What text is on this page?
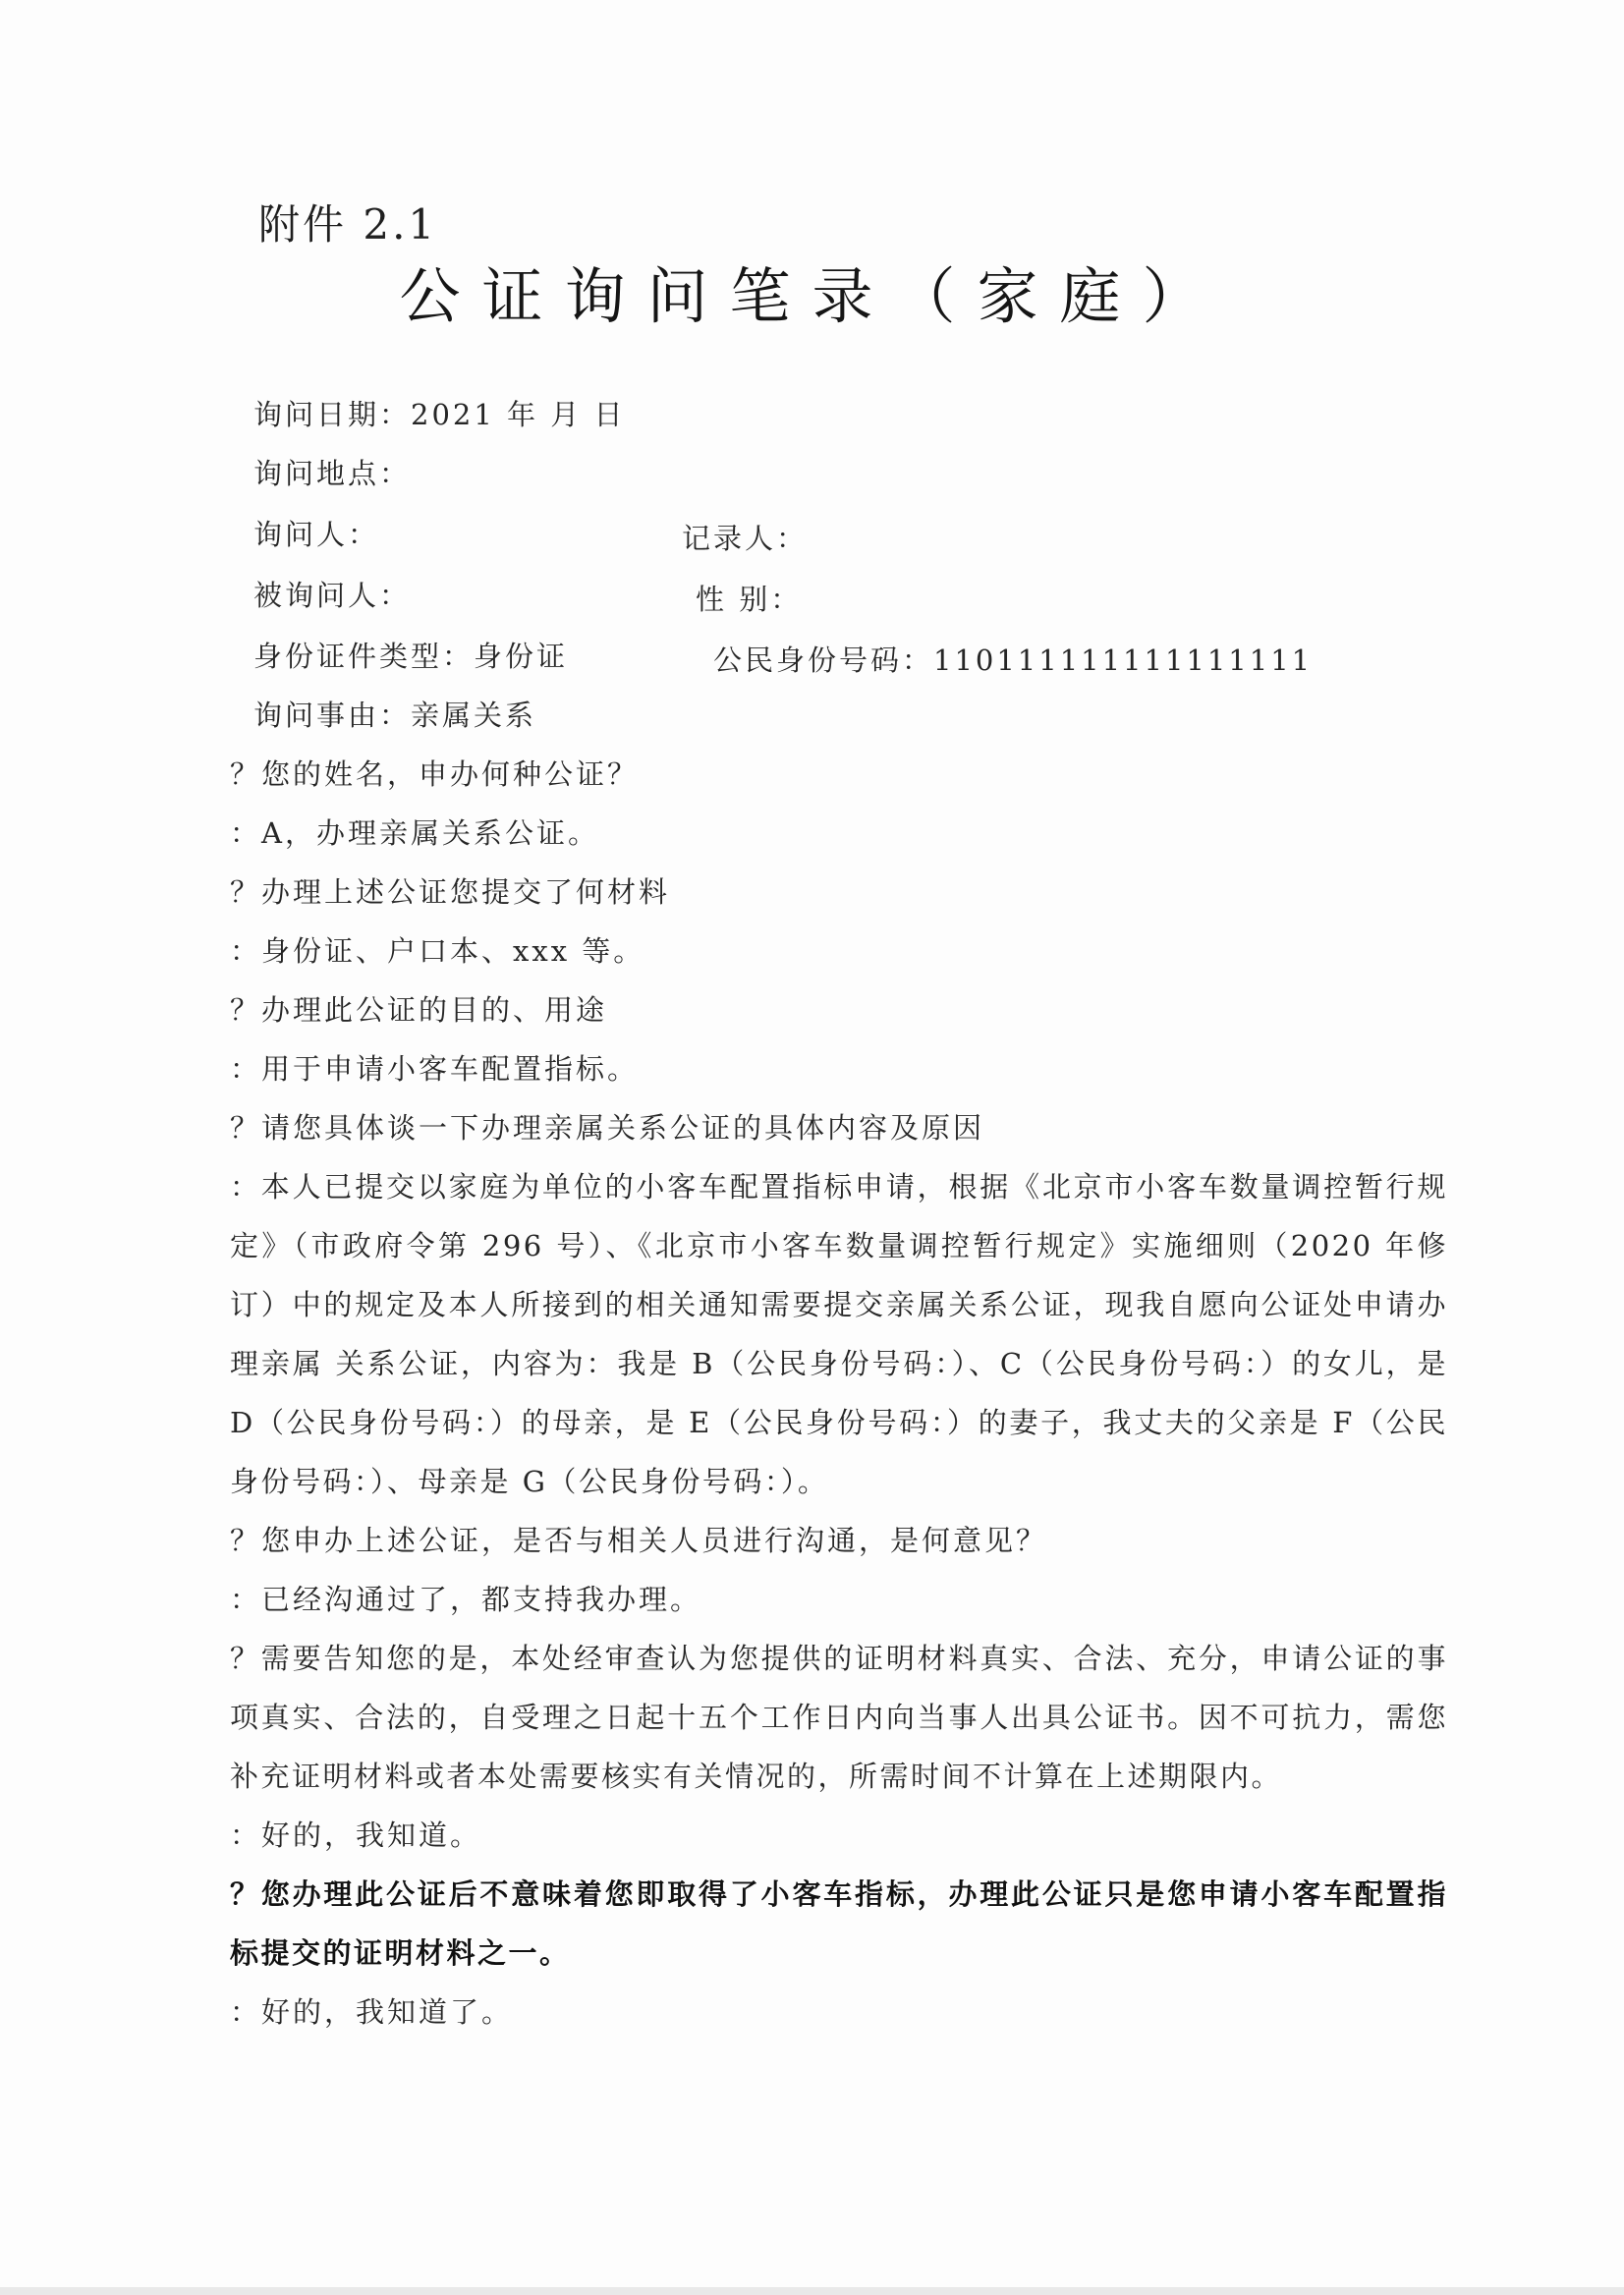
附件 2.1
公证询问笔录（家庭）
询问日期：2021 年 月 日
询问地点：
询问人：	记录人：
被询问人：	性 别：
身份证件类型：身份证	公民身份号码：110111111111111111
询问事由：亲属关系
？您的姓名，申办何种公证？
：A，办理亲属关系公证。
？办理上述公证您提交了何材料
：身份证、户口本、xxx 等。
？办理此公证的目的、用途
：用于申请小客车配置指标。
？请您具体谈一下办理亲属关系公证的具体内容及原因
：本人已提交以家庭为单位的小客车配置指标申请，根据《北京市小客车数量调控暂行规定》（市政府令第 296 号）、《北京市小客车数量调控暂行规定》实施细则（2020 年修订）中的规定及本人所接到的相关通知需要提交亲属关系公证，现我自愿向公证处申请办理亲属 关系公证，内容为：我是 B（公民身份号码：）、C（公民身份号码：）的女儿，是 D（公民身份号码：）的母亲，是 E（公民身份号码：）的妻子，我丈夫的父亲是 F（公民身份号码：）、母亲是 G（公民身份号码：）。
？您申办上述公证，是否与相关人员进行沟通，是何意见？
：已经沟通过了，都支持我办理。
？需要告知您的是，本处经审查认为您提供的证明材料真实、合法、充分，申请公证的事项真实、合法的，自受理之日起十五个工作日内向当事人出具公证书。因不可抗力，需您补充证明材料或者本处需要核实有关情况的，所需时间不计算在上述期限内。
：好的，我知道。
？您办理此公证后不意味着您即取得了小客车指标，办理此公证只是您申请小客车配置指标提交的证明材料之一。
：好的，我知道了。
